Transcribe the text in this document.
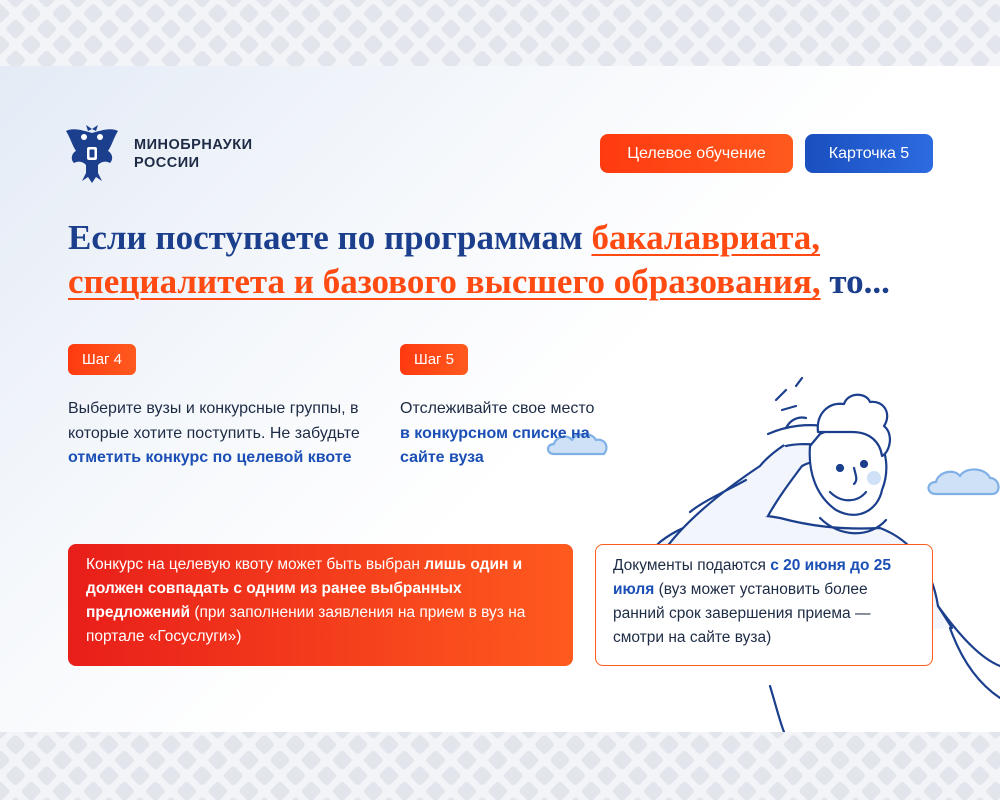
МИНОБРНАУКИ
РОССИИ
Целевое обучение	Карточка 5
Если поступаете по программам бакалавриата,
специалитета и базового высшего образования, то...
Шаг 4
Выберите вузы и конкурсные группы, в которые хотите поступить. Не забудьте отметить конкурс по целевой квоте
Шаг 5
Отслеживайте свое место
в конкурсном списке на сайте вуза
Конкурс на целевую квоту может быть выбран лишь один и должен совпадать с одним из ранее выбранных предложений (при заполнении заявления на прием в вуз на портале «Госуслуги»)
Документы подаются с 20 июня до 25 июля (вуз может установить более ранний срок завершения приема — смотри на сайте вуза)
